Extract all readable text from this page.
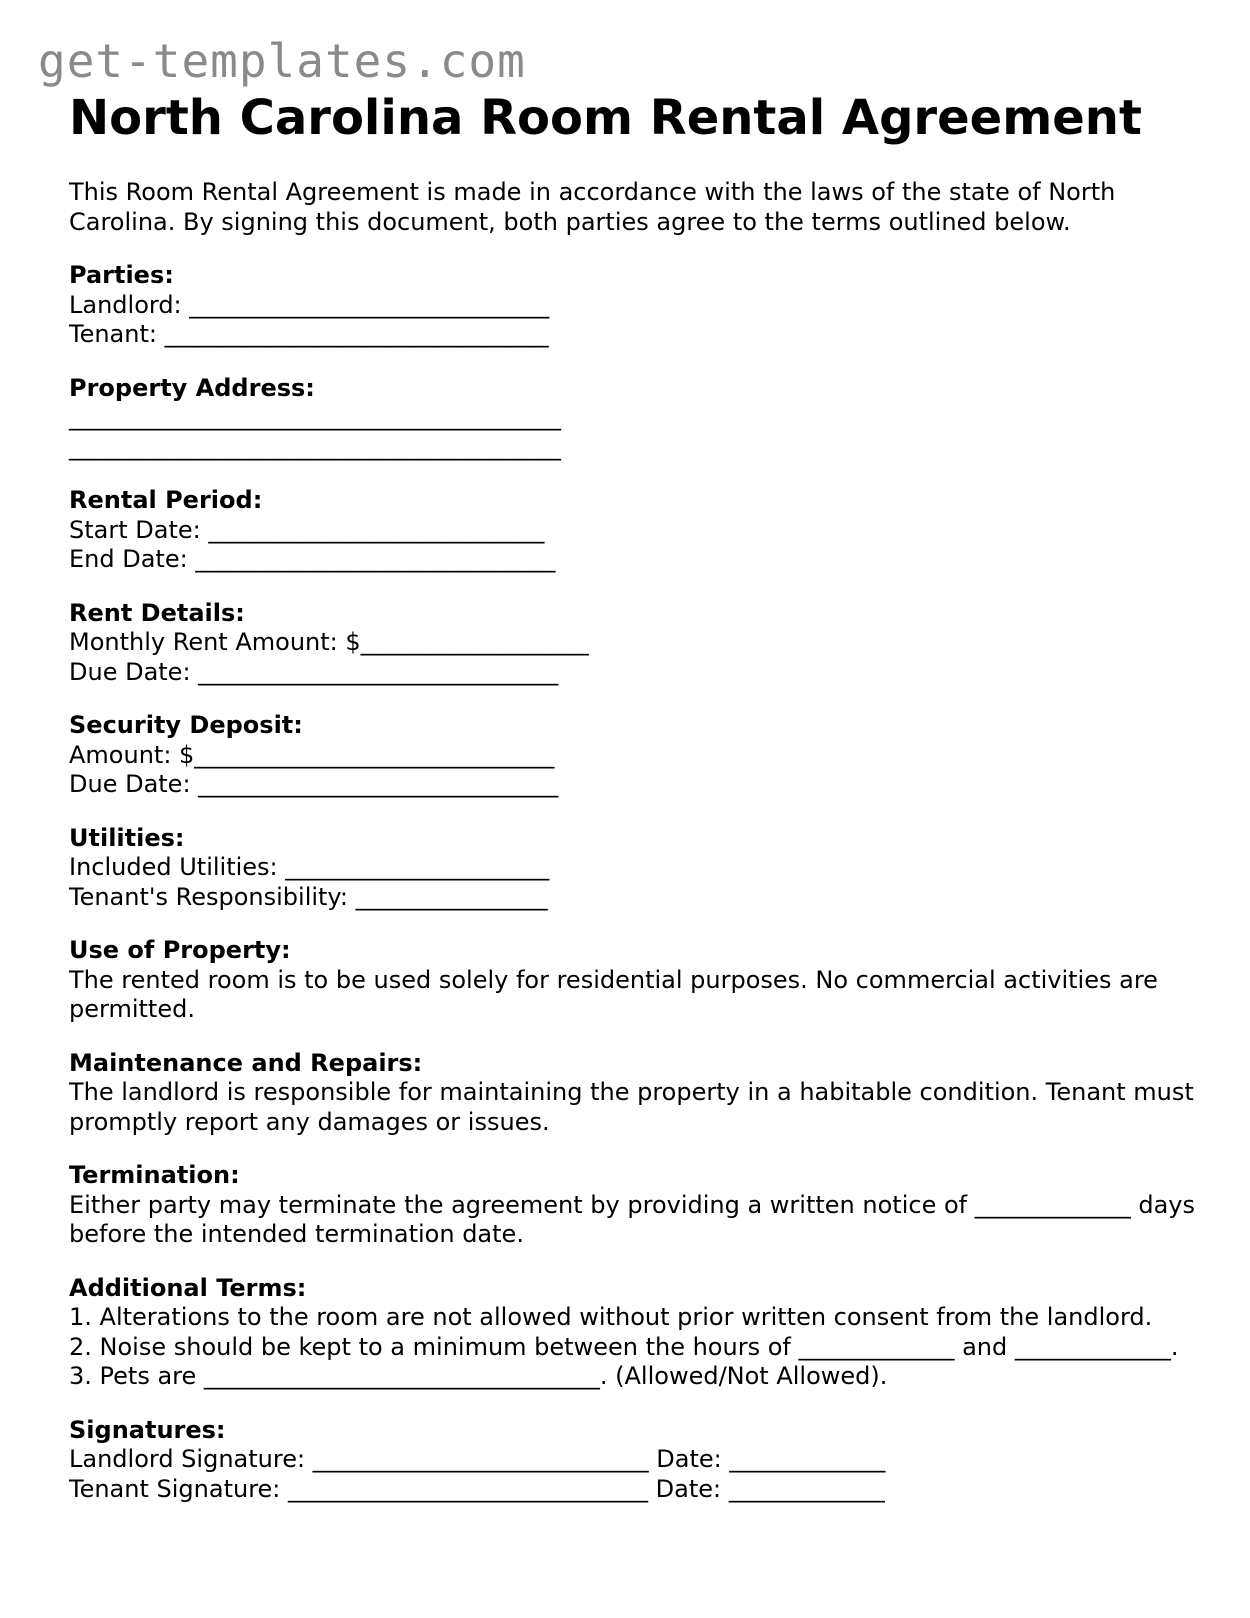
get-templates.com
North Carolina Room Rental Agreement

This Room Rental Agreement is made in accordance with the laws of the state of North Carolina. By signing this document, both parties agree to the terms outlined below.

Parties:
Landlord: ______________________________
Tenant: ________________________________
Property Address:
_________________________________________
_________________________________________
Rental Period:
Start Date: ____________________________
End Date: ______________________________
Rent Details:
Monthly Rent Amount: $___________________
Due Date: ______________________________
Security Deposit:
Amount: $______________________________
Due Date: ______________________________
Utilities:
Included Utilities: ______________________
Tenant's Responsibility: ________________
Use of Property:

The rented room is to be used solely for residential purposes. No commercial activities are permitted.

Maintenance and Repairs:

The landlord is responsible for maintaining the property in a habitable condition. Tenant must promptly report any damages or issues.

Termination:

Either party may terminate the agreement by providing a written notice of _____________ days before the intended termination date.

Additional Terms:

1. Alterations to the room are not allowed without prior written consent from the landlord.

2. Noise should be kept to a minimum between the hours of _____________ and _____________.

3. Pets are _________________________________. (Allowed/Not Allowed).

Signatures:
Landlord Signature: ____________________________ Date: _____________
Tenant Signature: ______________________________ Date: _____________
